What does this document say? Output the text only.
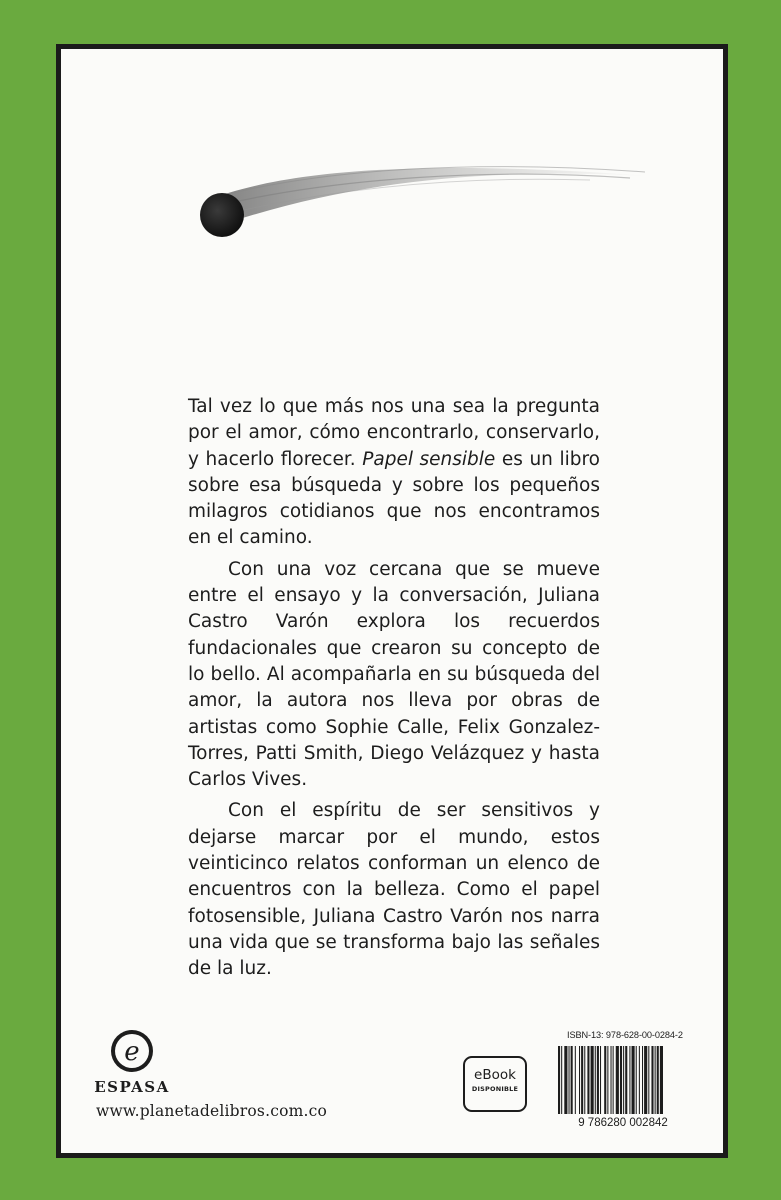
Tal vez lo que más nos una sea la pregunta por el amor, cómo encontrarlo, conservarlo, y hacerlo florecer. Papel sensible es un libro sobre esa búsqueda y sobre los pequeños milagros cotidianos que nos encontramos en el camino.

Con una voz cercana que se mueve entre el ensayo y la conversación, Juliana Castro Varón explora los recuerdos fundacionales que crearon su concepto de lo bello. Al acompañarla en su búsqueda del amor, la autora nos lleva por obras de artistas como Sophie Calle, Felix Gonzalez-Torres, Patti Smith, Diego Velázquez y hasta Carlos Vives.

Con el espíritu de ser sensitivos y dejarse marcar por el mundo, estos veinticinco relatos conforman un elenco de encuentros con la belleza. Como el papel fotosensible, Juliana Castro Varón nos narra una vida que se transforma bajo las señales de la luz.

e
ESPASA
www.planetadelibros.com.co
eBook
DISPONIBLE
ISBN-13: 978-628-00-0284-2
9 786280 002842
